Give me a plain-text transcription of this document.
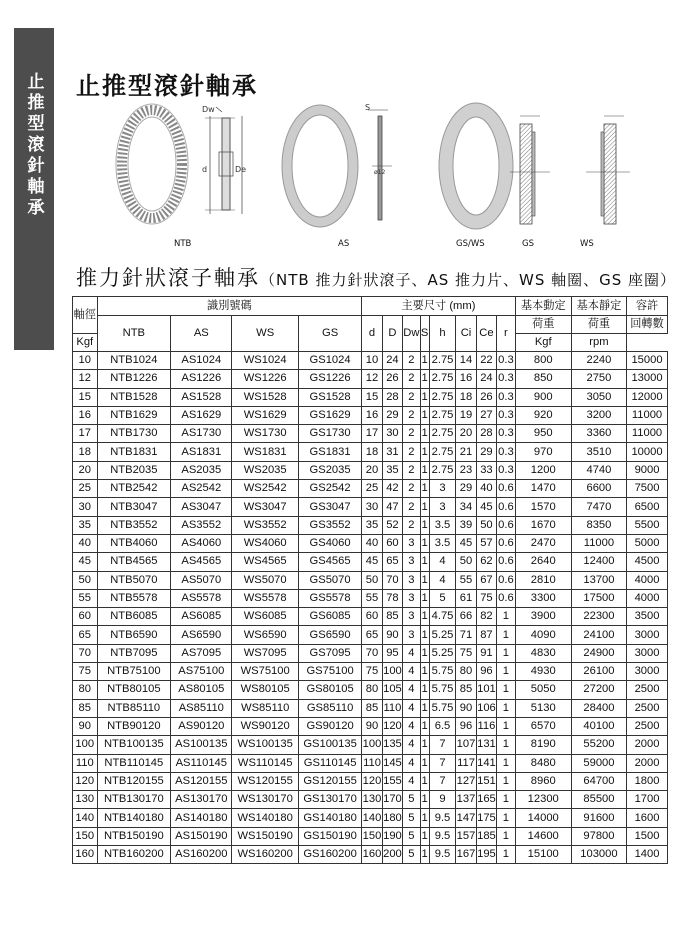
止推型滾針軸承 止推型滾針軸承
Dw
d	De
NTB
S
ø12
AS	GS/WS	GS	WS
推力針狀滾子軸承（NTB 推力針狀滾子、AS 推力片、WS 軸圈、GS 座圈）
軸徑	識別號碼				主要尺寸 (mm)								基本動定	基本靜定	容許
	NTB	AS	WS	GS	d	D	Dw	S	h	Ci	Ce	r	荷重	荷重	回轉數
Kgf													Kgf	rpm	
10	NTB1024	AS1024	WS1024	GS1024	10	24	2	1	2.75	14	22	0.3	800	2240	15000
12	NTB1226	AS1226	WS1226	GS1226	12	26	2	1	2.75	16	24	0.3	850	2750	13000
15	NTB1528	AS1528	WS1528	GS1528	15	28	2	1	2.75	18	26	0.3	900	3050	12000
16	NTB1629	AS1629	WS1629	GS1629	16	29	2	1	2.75	19	27	0.3	920	3200	11000
17	NTB1730	AS1730	WS1730	GS1730	17	30	2	1	2.75	20	28	0.3	950	3360	11000
18	NTB1831	AS1831	WS1831	GS1831	18	31	2	1	2.75	21	29	0.3	970	3510	10000
20	NTB2035	AS2035	WS2035	GS2035	20	35	2	1	2.75	23	33	0.3	1200	4740	9000
25	NTB2542	AS2542	WS2542	GS2542	25	42	2	1	3	29	40	0.6	1470	6600	7500
30	NTB3047	AS3047	WS3047	GS3047	30	47	2	1	3	34	45	0.6	1570	7470	6500
35	NTB3552	AS3552	WS3552	GS3552	35	52	2	1	3.5	39	50	0.6	1670	8350	5500
40	NTB4060	AS4060	WS4060	GS4060	40	60	3	1	3.5	45	57	0.6	2470	11000	5000
45	NTB4565	AS4565	WS4565	GS4565	45	65	3	1	4	50	62	0.6	2640	12400	4500
50	NTB5070	AS5070	WS5070	GS5070	50	70	3	1	4	55	67	0.6	2810	13700	4000
55	NTB5578	AS5578	WS5578	GS5578	55	78	3	1	5	61	75	0.6	3300	17500	4000
60	NTB6085	AS6085	WS6085	GS6085	60	85	3	1	4.75	66	82	1	3900	22300	3500
65	NTB6590	AS6590	WS6590	GS6590	65	90	3	1	5.25	71	87	1	4090	24100	3000
70	NTB7095	AS7095	WS7095	GS7095	70	95	4	1	5.25	75	91	1	4830	24900	3000
75	NTB75100	AS75100	WS75100	GS75100	75	100	4	1	5.75	80	96	1	4930	26100	3000
80	NTB80105	AS80105	WS80105	GS80105	80	105	4	1	5.75	85	101	1	5050	27200	2500
85	NTB85110	AS85110	WS85110	GS85110	85	110	4	1	5.75	90	106	1	5130	28400	2500
90	NTB90120	AS90120	WS90120	GS90120	90	120	4	1	6.5	96	116	1	6570	40100	2500
100	NTB100135	AS100135	WS100135	GS100135	100	135	4	1	7	107	131	1	8190	55200	2000
110	NTB110145	AS110145	WS110145	GS110145	110	145	4	1	7	117	141	1	8480	59000	2000
120	NTB120155	AS120155	WS120155	GS120155	120	155	4	1	7	127	151	1	8960	64700	1800
130	NTB130170	AS130170	WS130170	GS130170	130	170	5	1	9	137	165	1	12300	85500	1700
140	NTB140180	AS140180	WS140180	GS140180	140	180	5	1	9.5	147	175	1	14000	91600	1600
150	NTB150190	AS150190	WS150190	GS150190	150	190	5	1	9.5	157	185	1	14600	97800	1500
160	NTB160200	AS160200	WS160200	GS160200	160	200	5	1	9.5	167	195	1	15100	103000	1400
